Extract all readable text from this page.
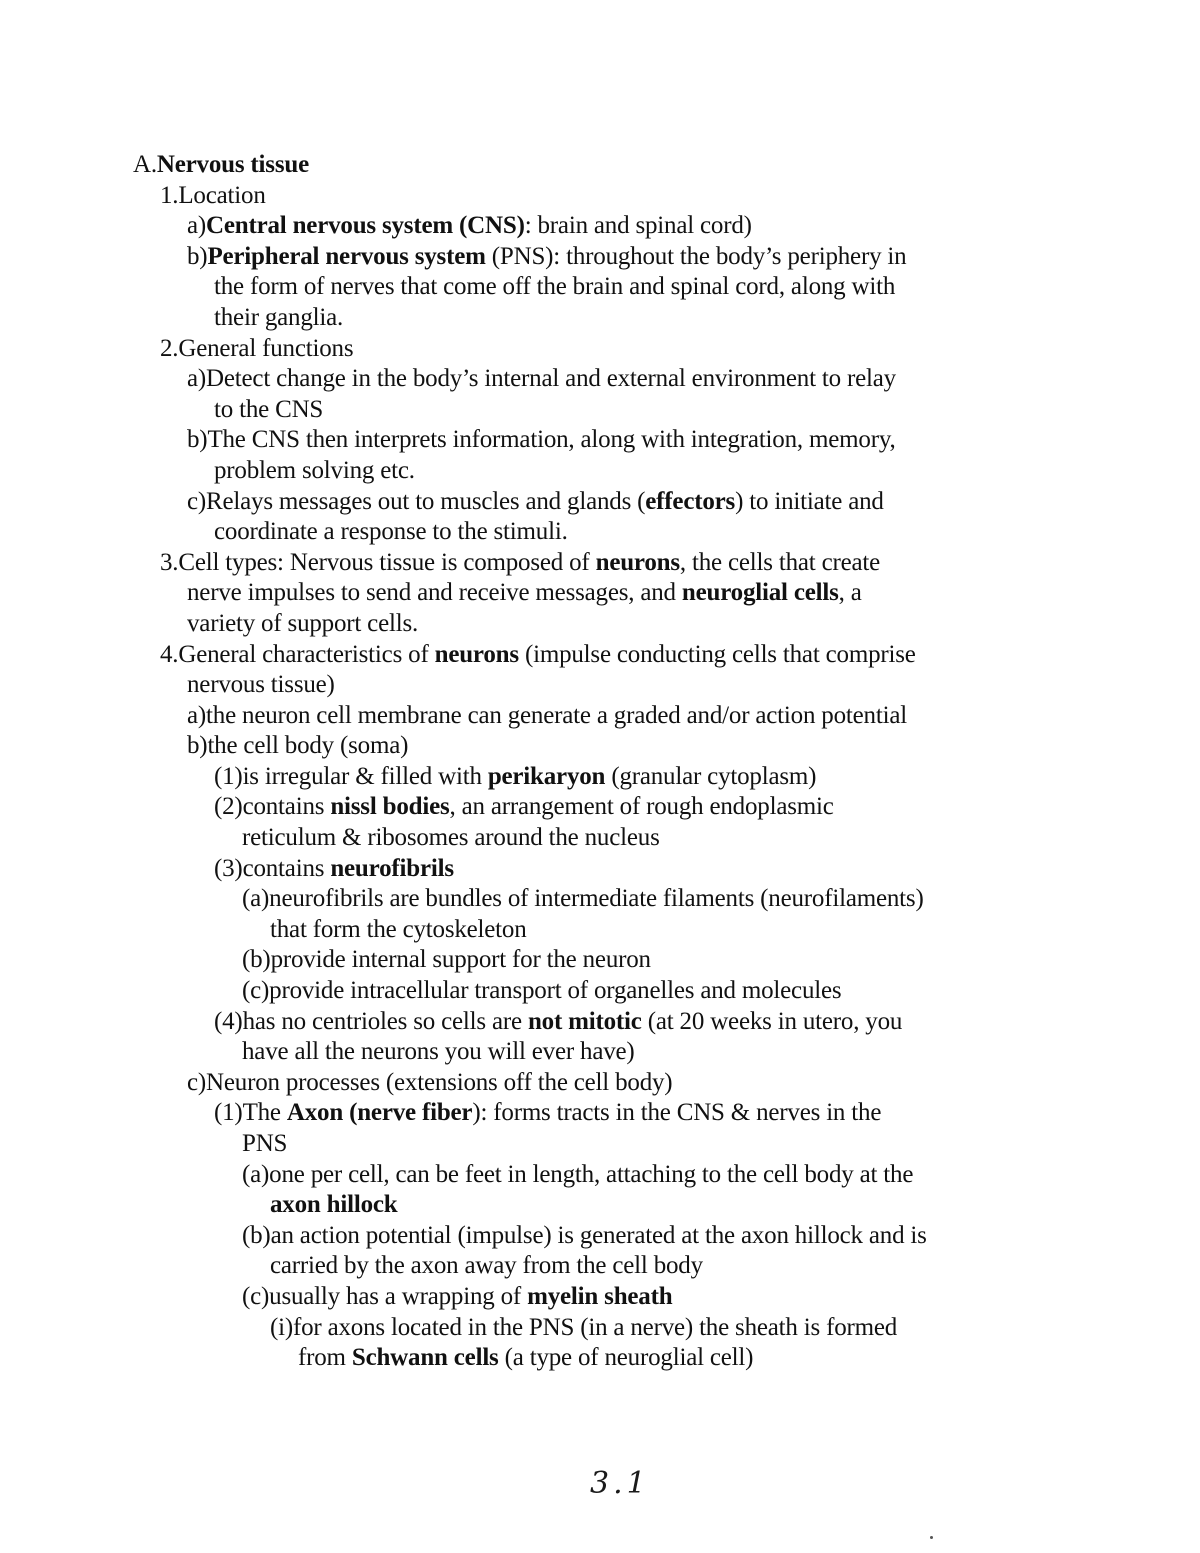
A.Nervous tissue
1.Location
a)Central nervous system (CNS): brain and spinal cord)
b)Peripheral nervous system (PNS): throughout the body’s periphery in
the form of nerves that come off the brain and spinal cord, along with
their ganglia.
2.General functions
a)Detect change in the body’s internal and external environment to relay
to the CNS
b)The CNS then interprets information, along with integration, memory,
problem solving etc.
c)Relays messages out to muscles and glands (effectors) to initiate and
coordinate a response to the stimuli.
3.Cell types: Nervous tissue is composed of neurons, the cells that create
nerve impulses to send and receive messages, and neuroglial cells, a
variety of support cells.
4.General characteristics of neurons (impulse conducting cells that comprise
nervous tissue)
a)the neuron cell membrane can generate a graded and/or action potential
b)the cell body (soma)
(1)is irregular & filled with perikaryon (granular cytoplasm)
(2)contains nissl bodies, an arrangement of rough endoplasmic
reticulum & ribosomes around the nucleus
(3)contains neurofibrils
(a)neurofibrils are bundles of intermediate filaments (neurofilaments)
that form the cytoskeleton
(b)provide internal support for the neuron
(c)provide intracellular transport of organelles and molecules
(4)has no centrioles so cells are not mitotic (at 20 weeks in utero, you
have all the neurons you will ever have)
c)Neuron processes (extensions off the cell body)
(1)The Axon (nerve fiber): forms tracts in the CNS & nerves in the
PNS
(a)one per cell, can be feet in length, attaching to the cell body at the
axon hillock
(b)an action potential (impulse) is generated at the axon hillock and is
carried by the axon away from the cell body
(c)usually has a wrapping of myelin sheath
(i)for axons located in the PNS (in a nerve) the sheath is formed
from Schwann cells (a type of neuroglial cell)
3.1
